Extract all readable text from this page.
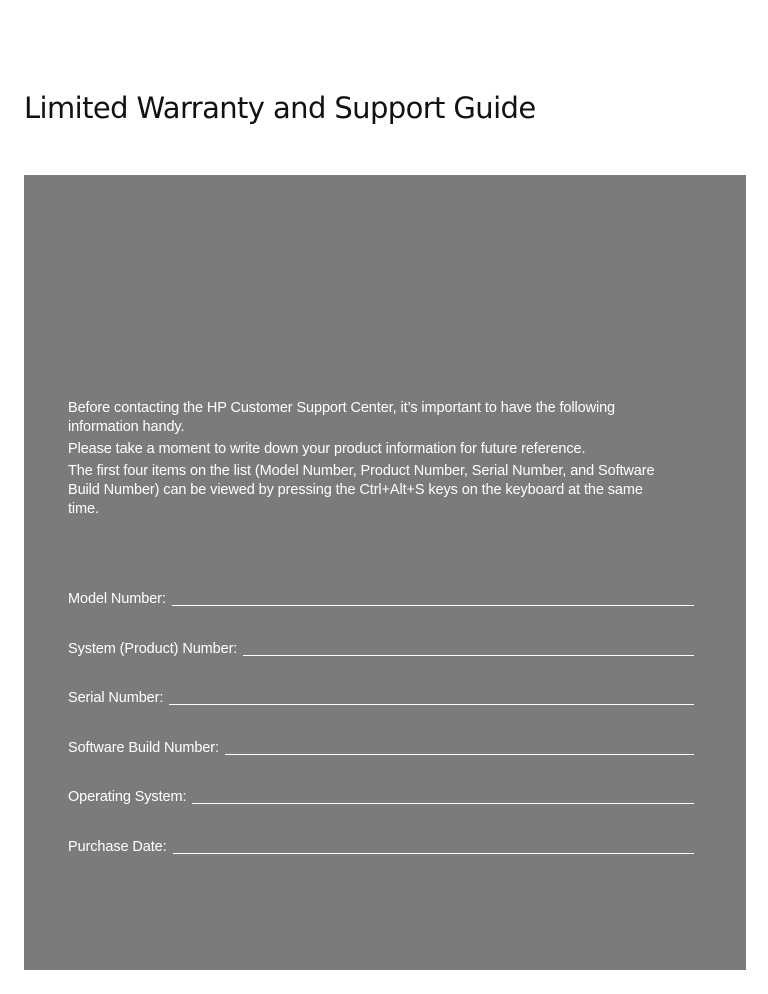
Limited Warranty and Support Guide

Before contacting the HP Customer Support Center, it’s important to have the following information handy.

Please take a moment to write down your product information for future reference.

The first four items on the list (Model Number, Product Number, Serial Number, and Software Build Number) can be viewed by pressing the Ctrl+Alt+S keys on the keyboard at the same time.

Model Number:
System (Product) Number:
Serial Number:
Software Build Number:
Operating System:
Purchase Date:
